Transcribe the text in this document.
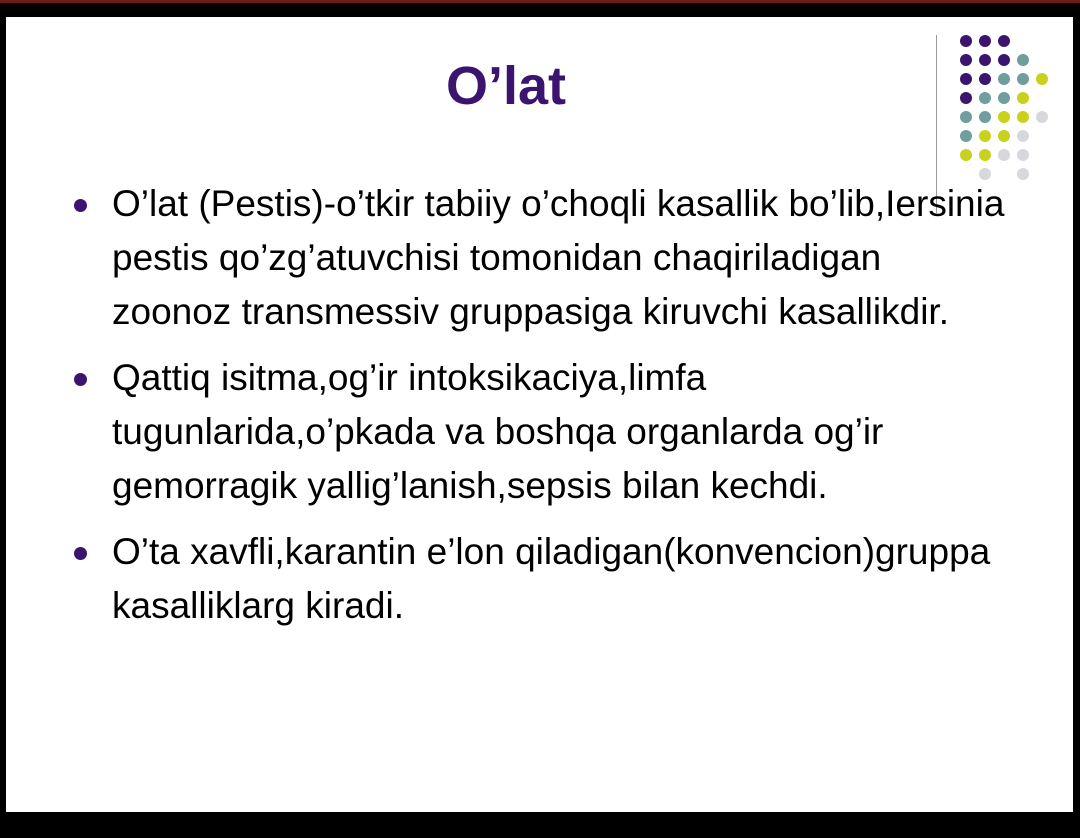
O’lat
O’lat (Pestis)-o’tkir tabiiy o’choqli kasallik bo’lib,Iersinia pestis qo’zg’atuvchisi tomonidan chaqiriladigan zoonoz transmessiv gruppasiga kiruvchi kasallikdir.
Qattiq isitma,og’ir intoksikaciya,limfa tugunlarida,o’pkada va boshqa organlarda og’ir gemorragik yallig’lanish,sepsis bilan kechdi.
O’ta xavfli,karantin e’lon qiladigan(konvencion)gruppa kasalliklarg kiradi.
